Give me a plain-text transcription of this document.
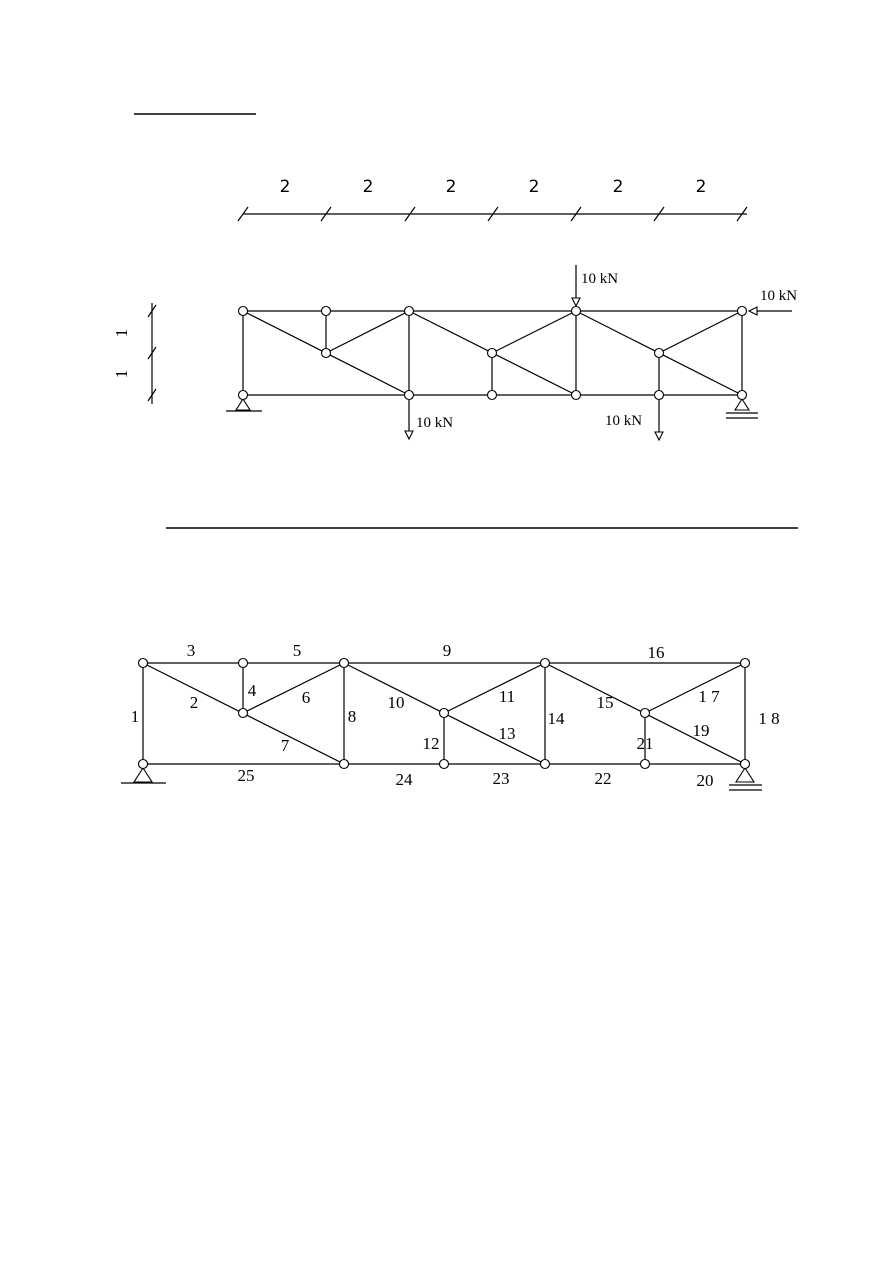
2	2	2	2	2	2
1
1
10 kN
10 kN
10 kN	10 kN
1
2
3
4
5
6
7
8
9
10	11
12
13
14
15
16
1 7
1 8
19
20
21
22
23
24
25
